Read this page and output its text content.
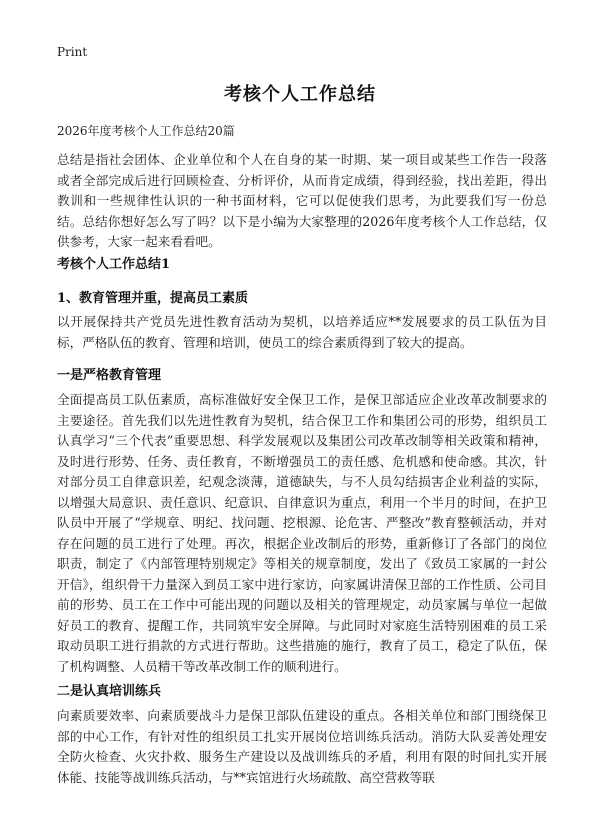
Print
考核个人工作总结
2026年度考核个人工作总结20篇
总结是指社会团体、企业单位和个人在自身的某一时期、某一项目或某些工作告一段落或者全部完成后进行回顾检查、分析评价，从而肯定成绩，得到经验，找出差距，得出教训和一些规律性认识的一种书面材料，它可以促使我们思考，为此要我们写一份总结。总结你想好怎么写了吗？以下是小编为大家整理的2026年度考核个人工作总结，仅供参考，大家一起来看看吧。
考核个人工作总结1
1、教育管理并重，提高员工素质
以开展保持共产党员先进性教育活动为契机，以培养适应**发展要求的员工队伍为目标，严格队伍的教育、管理和培训，使员工的综合素质得到了较大的提高。
一是严格教育管理
全面提高员工队伍素质，高标准做好安全保卫工作，是保卫部适应企业改革改制要求的主要途径。首先我们以先进性教育为契机，结合保卫工作和集团公司的形势，组织员工认真学习“三个代表”重要思想、科学发展观以及集团公司改革改制等相关政策和精神，及时进行形势、任务、责任教育，不断增强员工的责任感、危机感和使命感。其次，针对部分员工自律意识差，纪观念淡薄，道德缺失，与不人员勾结损害企业利益的实际，以增强大局意识、责任意识、纪意识、自律意识为重点，利用一个半月的时间，在护卫队员中开展了“学规章、明纪、找问题、挖根源、论危害、严整改”教育整顿活动，并对存在问题的员工进行了处理。再次，根据企业改制后的形势，重新修订了各部门的岗位职责，制定了《内部管理特别规定》等相关的规章制度，发出了《致员工家属的一封公开信》，组织骨干力量深入到员工家中进行家访，向家属讲清保卫部的工作性质、公司目前的形势、员工在工作中可能出现的问题以及相关的管理规定，动员家属与单位一起做好员工的教育、提醒工作，共同筑牢安全屏障。与此同时对家庭生活特别困难的员工采取动员职工进行捐款的方式进行帮助。这些措施的施行，教育了员工，稳定了队伍，保了机构调整、人员精干等改革改制工作的顺利进行。
二是认真培训练兵
向素质要效率、向素质要战斗力是保卫部队伍建设的重点。各相关单位和部门围绕保卫部的中心工作，有针对性的组织员工扎实开展岗位培训练兵活动。消防大队妥善处理安全防火检查、火灾扑救、服务生产建设以及战训练兵的矛盾，利用有限的时间扎实开展体能、技能等战训练兵活动，与**宾馆进行火场疏散、高空营救等联
